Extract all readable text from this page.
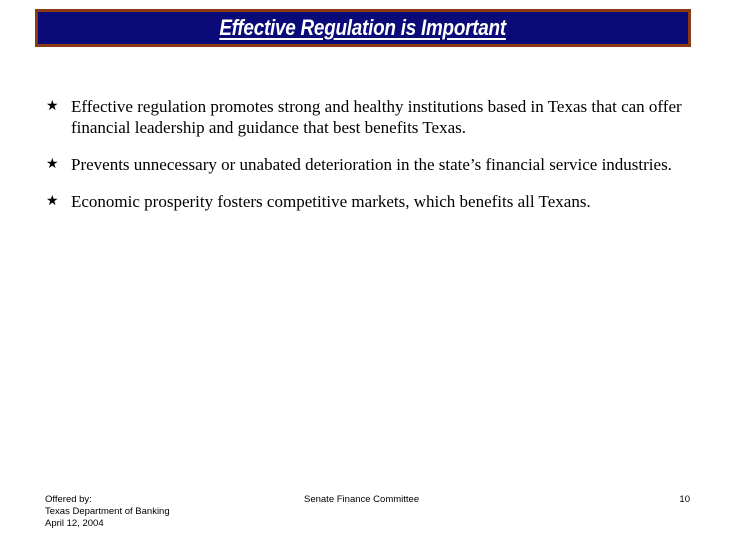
Effective Regulation is Important
★ Effective regulation promotes strong and healthy institutions based in Texas that can offer financial leadership and guidance that best benefits Texas.
★ Prevents unnecessary or unabated deterioration in the state’s financial service industries.
★ Economic prosperity fosters competitive markets, which benefits all Texans.
Offered by:
Texas Department of Banking
April 12, 2004
Senate Finance Committee	10
